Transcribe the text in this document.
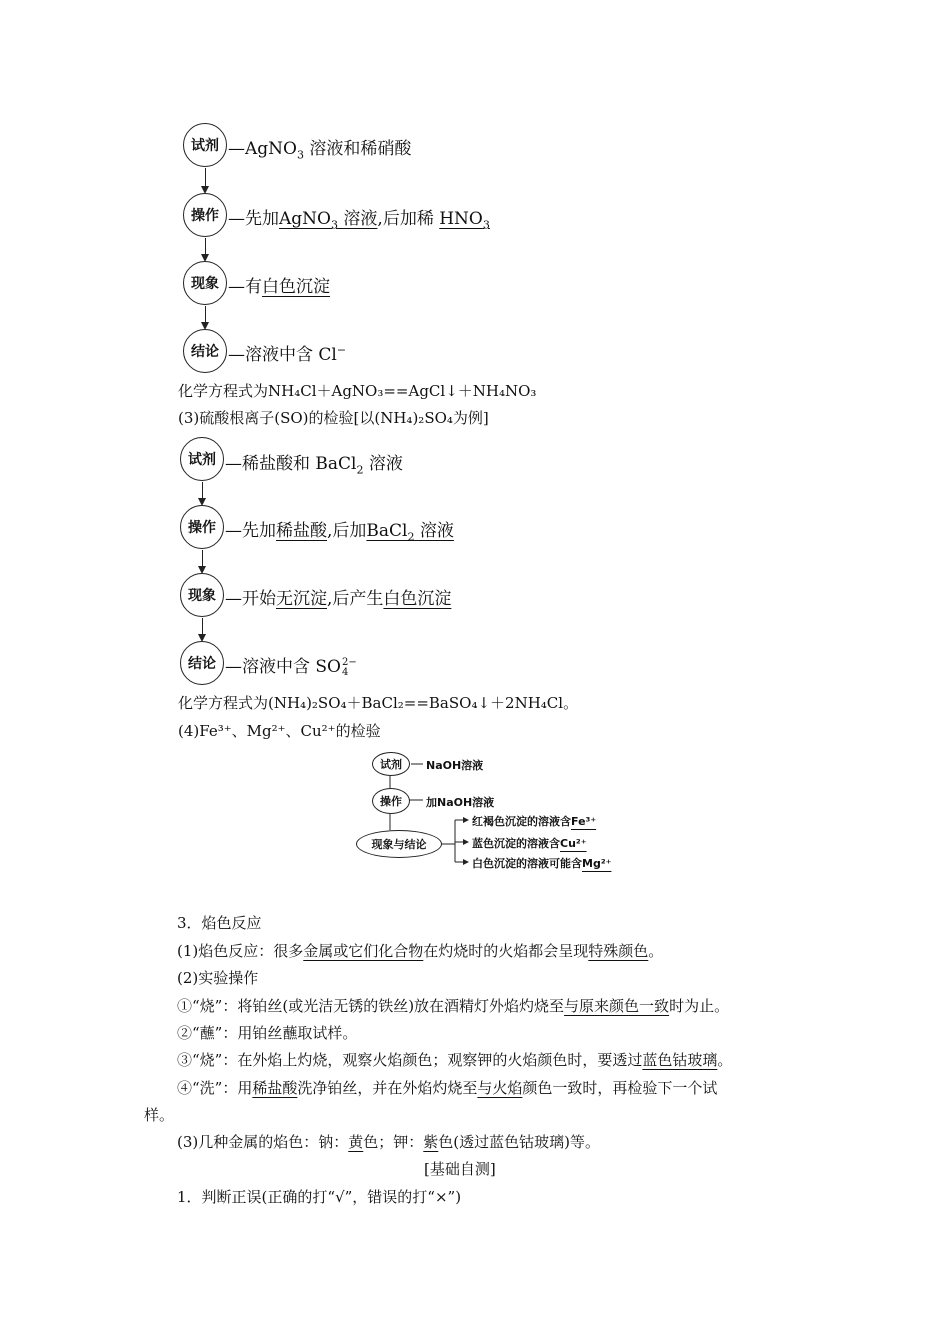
试剂 —AgNO$_3$ 溶液和稀硝酸
操作 —先加AgNO$_3$ 溶液,后加稀 $HNO_3$
现象 —有白色沉淀
结论 —溶液中含 Cl−
化学方程式为NH₄Cl＋AgNO₃==AgCl↓＋NH₄NO₃
(3)硫酸根离子(SO)的检验[以(NH₄)₂SO₄为例]
试剂 —稀盐酸和 BaCl$_2$ 溶液
操作 —先加稀盐酸,后加BaCl$_2$ 溶液
现象 —开始无沉淀,后产生白色沉淀
结论 —溶液中含 SO 2−
4
化学方程式为(NH₄)₂SO₄＋BaCl₂==BaSO₄↓＋2NH₄Cl。
(4)Fe³⁺、Mg²⁺、Cu²⁺的检验
试剂 NaOH溶液
操作 加NaOH溶液
现象与结论
红褐色沉淀的溶液含Fe³⁺
蓝色沉淀的溶液含Cu²⁺
白色沉淀的溶液可能含Mg²⁺
3．焰色反应
(1)焰色反应：很多金属或它们化合物在灼烧时的火焰都会呈现特殊颜色。
(2)实验操作
①“烧”：将铂丝(或光洁无锈的铁丝)放在酒精灯外焰灼烧至与原来颜色一致时为止。
②“蘸”：用铂丝蘸取试样。
③“烧”：在外焰上灼烧，观察火焰颜色；观察钾的火焰颜色时，要透过蓝色钴玻璃。
④“洗”：用稀盐酸洗净铂丝，并在外焰灼烧至与火焰颜色一致时，再检验下一个试
样。
(3)几种金属的焰色：钠：黄色；钾：紫色(透过蓝色钴玻璃)等。
[基础自测]
1．判断正误(正确的打“√”，错误的打“×”)
